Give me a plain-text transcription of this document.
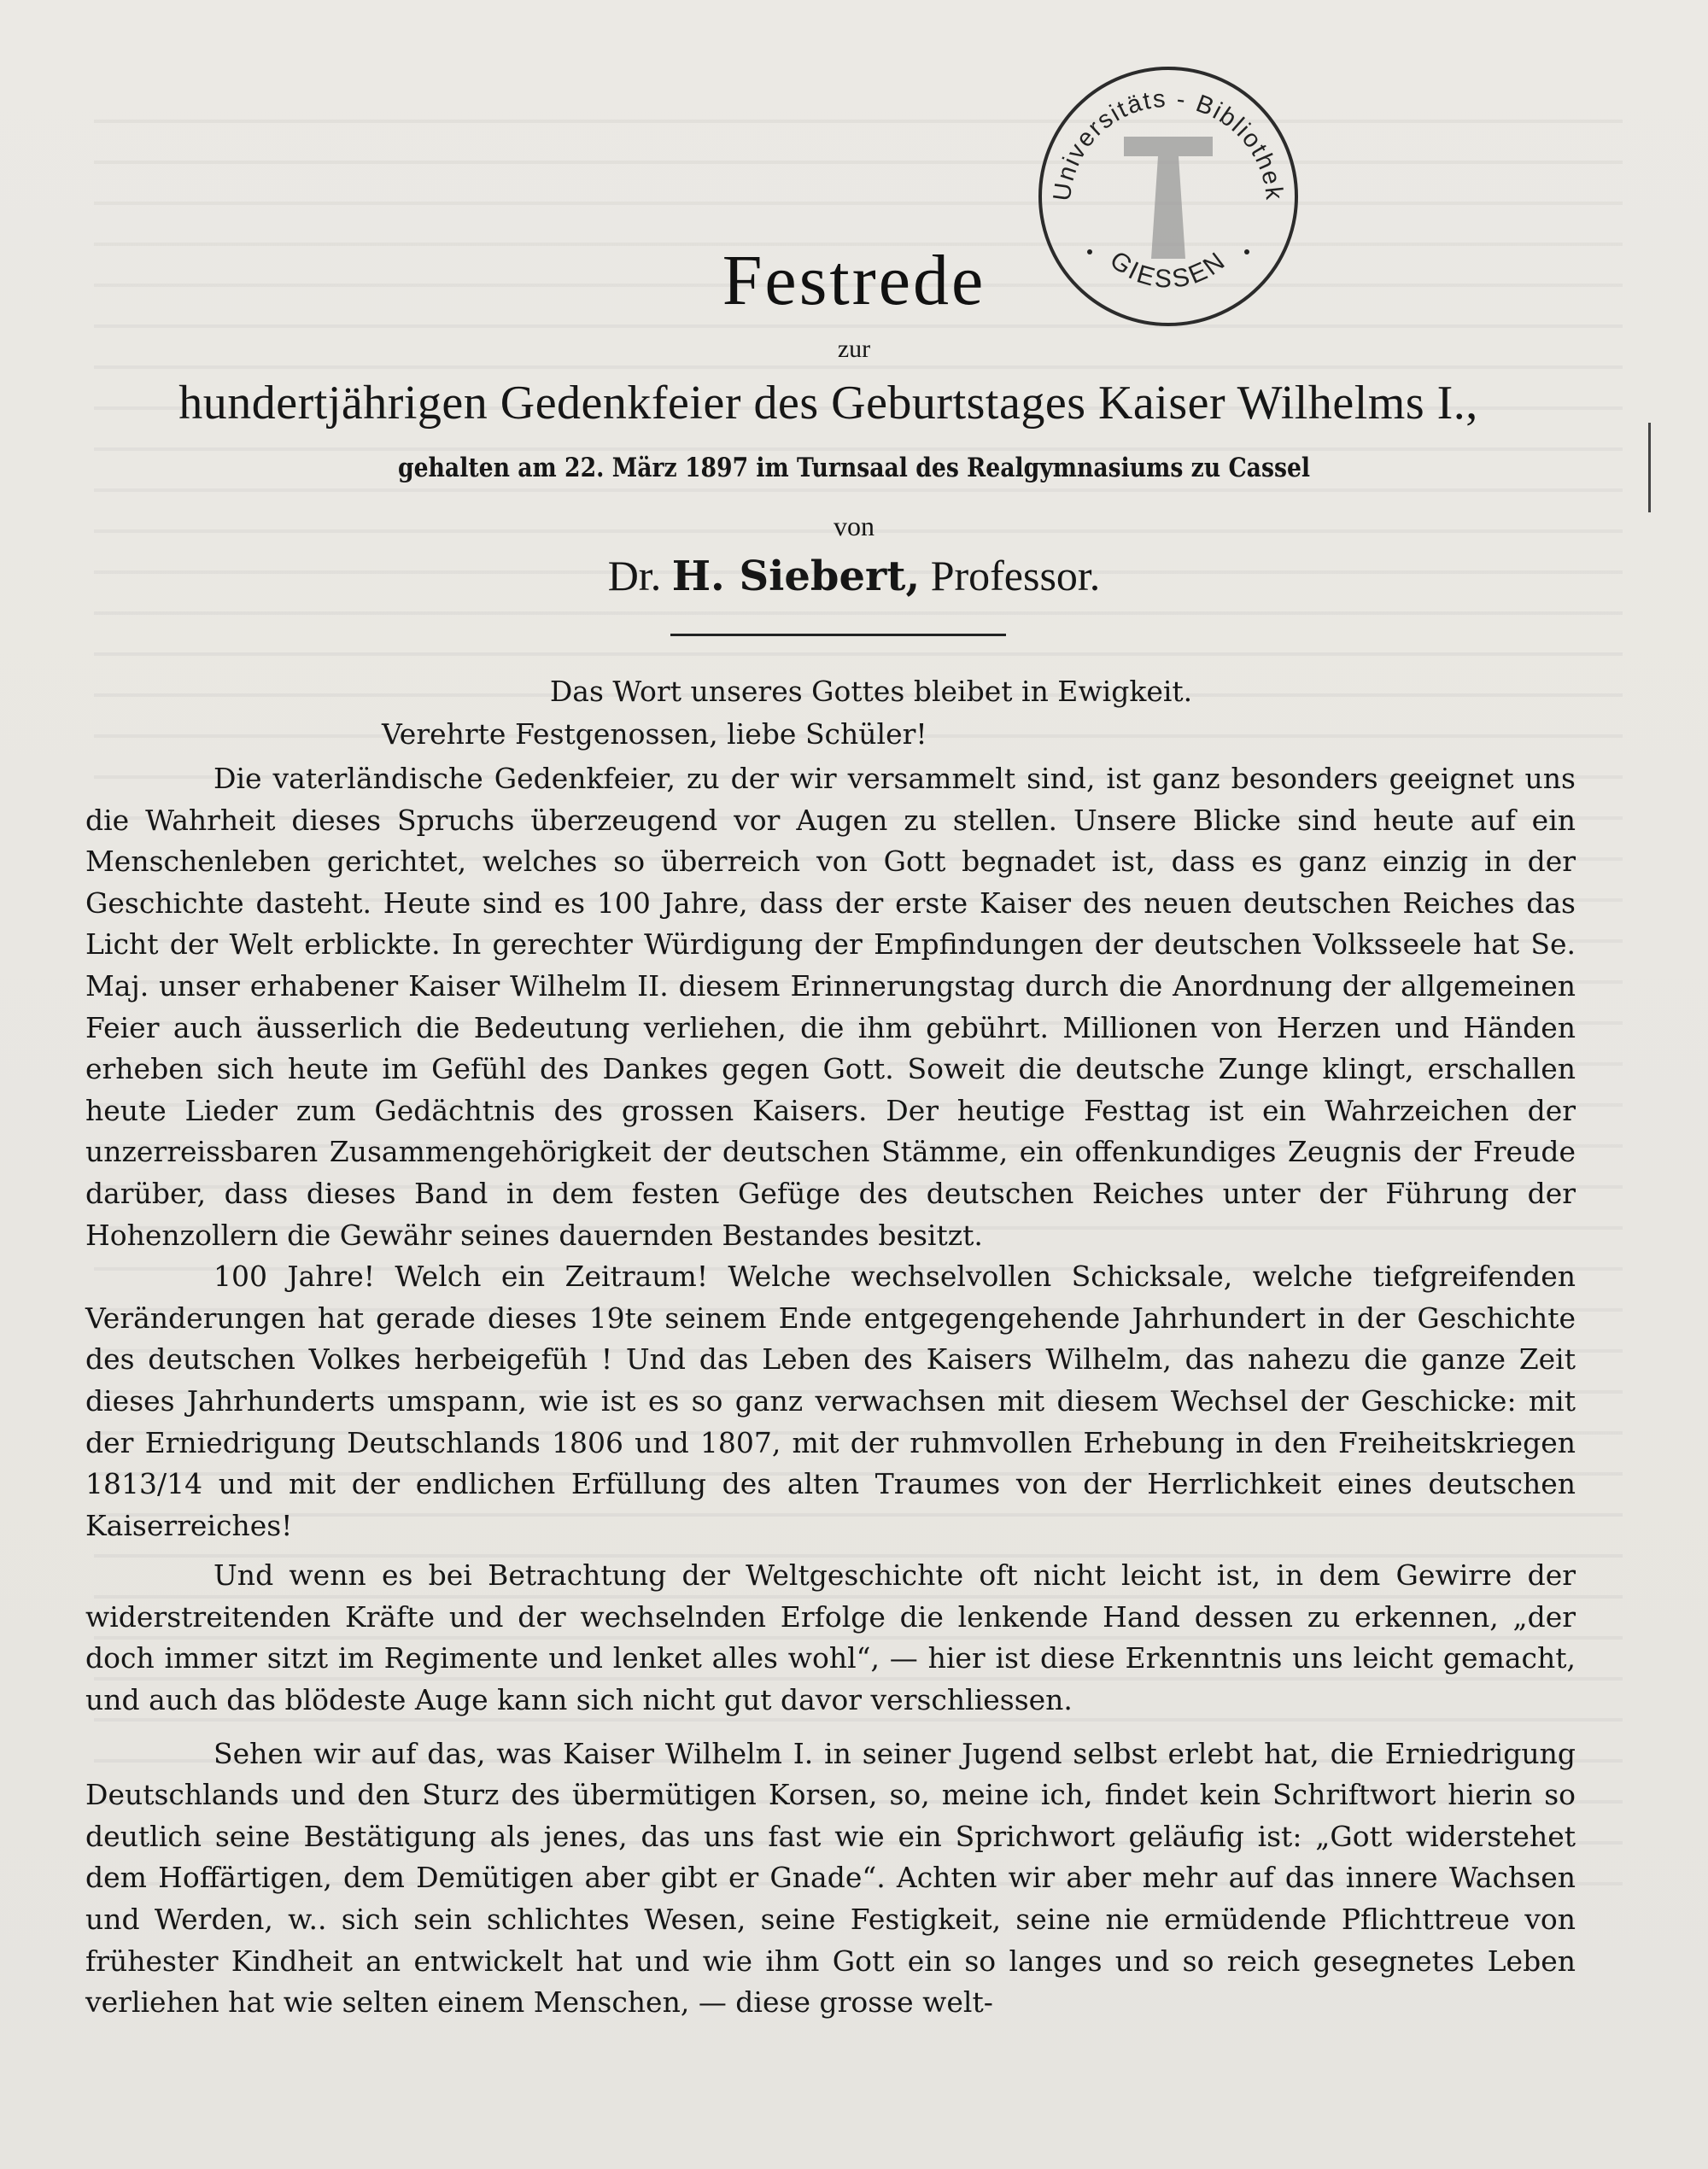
Universitäts - Bibliothek
GIESSEN
Festrede
zur
hundertjährigen Gedenkfeier des Geburtstages Kaiser Wilhelms I.,
gehalten am 22. März 1897 im Turnsaal des Realgymnasiums zu Cassel
von
Dr. H. Siebert, Professor.
Das Wort unseres Gottes bleibet in Ewigkeit.
Verehrte Festgenossen, liebe Schüler!

Die vaterländische Gedenkfeier, zu der wir versammelt sind, ist ganz besonders geeignet uns die Wahrheit dieses Spruchs überzeugend vor Augen zu stellen. Unsere Blicke sind heute auf ein Menschenleben gerichtet, welches so überreich von Gott begnadet ist, dass es ganz einzig in der Geschichte dasteht. Heute sind es 100 Jahre, dass der erste Kaiser des neuen deutschen Reiches das Licht der Welt erblickte. In gerechter Würdigung der Empfindungen der deutschen Volksseele hat Se. Maj. unser erhabener Kaiser Wilhelm II. diesem Erinnerungstag durch die Anordnung der allgemeinen Feier auch äusserlich die Bedeutung verliehen, die ihm gebührt. Millionen von Herzen und Händen erheben sich heute im Gefühl des Dankes gegen Gott. Soweit die deutsche Zunge klingt, erschallen heute Lieder zum Gedächtnis des grossen Kaisers. Der heutige Festtag ist ein Wahrzeichen der unzerreissbaren Zusammengehörigkeit der deutschen Stämme, ein offenkundiges Zeugnis der Freude darüber, dass dieses Band in dem festen Gefüge des deutschen Reiches unter der Führung der Hohenzollern die Gewähr seines dauernden Bestandes besitzt.

100 Jahre! Welch ein Zeitraum! Welche wechselvollen Schicksale, welche tiefgreifenden Veränderungen hat gerade dieses 19te seinem Ende entgegengehende Jahrhundert in der Geschichte des deutschen Volkes herbeigefüh ! Und das Leben des Kaisers Wilhelm, das nahezu die ganze Zeit dieses Jahrhunderts umspann, wie ist es so ganz verwachsen mit diesem Wechsel der Geschicke: mit der Erniedrigung Deutschlands 1806 und 1807, mit der ruhmvollen Erhebung in den Freiheitskriegen 1813/14 und mit der endlichen Erfüllung des alten Traumes von der Herrlichkeit eines deutschen Kaiserreiches!

Und wenn es bei Betrachtung der Weltgeschichte oft nicht leicht ist, in dem Gewirre der widerstreitenden Kräfte und der wechselnden Erfolge die lenkende Hand dessen zu erkennen, „der doch immer sitzt im Regimente und lenket alles wohl“, — hier ist diese Erkenntnis uns leicht gemacht, und auch das blödeste Auge kann sich nicht gut davor verschliessen.

Sehen wir auf das, was Kaiser Wilhelm I. in seiner Jugend selbst erlebt hat, die Erniedrigung Deutschlands und den Sturz des übermütigen Korsen, so, meine ich, findet kein Schriftwort hierin so deutlich seine Bestätigung als jenes, das uns fast wie ein Sprichwort geläufig ist: „Gott widerstehet dem Hoffärtigen, dem Demütigen aber gibt er Gnade“. Achten wir aber mehr auf das innere Wachsen und Werden, w.. sich sein schlichtes Wesen, seine Festigkeit, seine nie ermüdende Pflichttreue von frühester Kindheit an entwickelt hat und wie ihm Gott ein so langes und so reich gesegnetes Leben verliehen hat wie selten einem Menschen, — diese grosse welt-
